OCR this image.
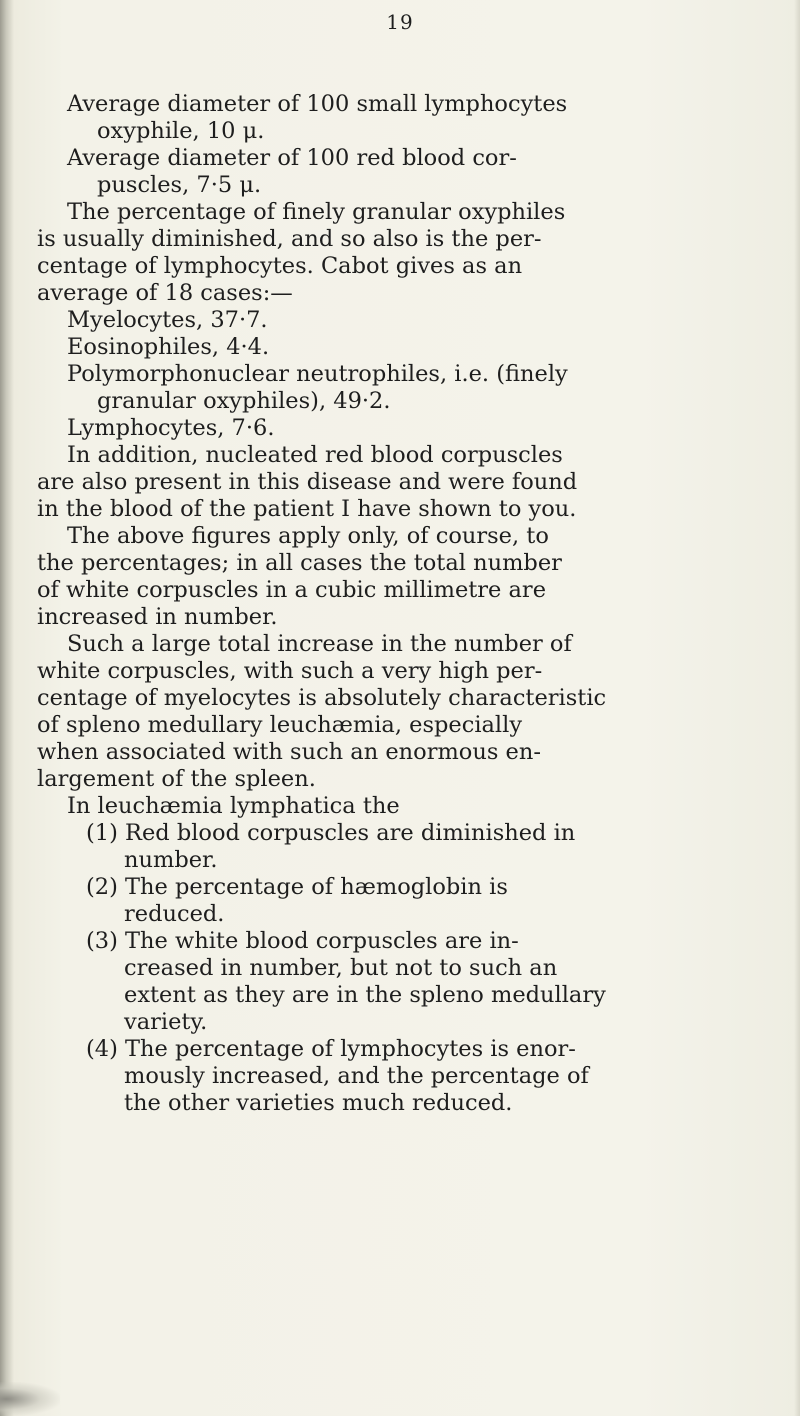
19
Average diameter of 100 small lymphocytes
oxyphile, 10 μ.
Average diameter of 100 red blood cor-
puscles, 7·5 μ.
The percentage of finely granular oxyphiles
is usually diminished, and so also is the per-
centage of lymphocytes. Cabot gives as an
average of 18 cases:—
Myelocytes, 37·7.
Eosinophiles, 4·4.
Polymorphonuclear neutrophiles, i.e. (finely
granular oxyphiles), 49·2.
Lymphocytes, 7·6.
In addition, nucleated red blood corpuscles
are also present in this disease and were found
in the blood of the patient I have shown to you.
The above figures apply only, of course, to
the percentages; in all cases the total number
of white corpuscles in a cubic millimetre are
increased in number.
Such a large total increase in the number of
white corpuscles, with such a very high per-
centage of myelocytes is absolutely characteristic
of spleno medullary leuchæmia, especially
when associated with such an enormous en-
largement of the spleen.
In leuchæmia lymphatica the
(1) Red blood corpuscles are diminished in
number.
(2) The percentage of hæmoglobin is
reduced.
(3) The white blood corpuscles are in-
creased in number, but not to such an
extent as they are in the spleno medullary
variety.
(4) The percentage of lymphocytes is enor-
mously increased, and the percentage of
the other varieties much reduced.
